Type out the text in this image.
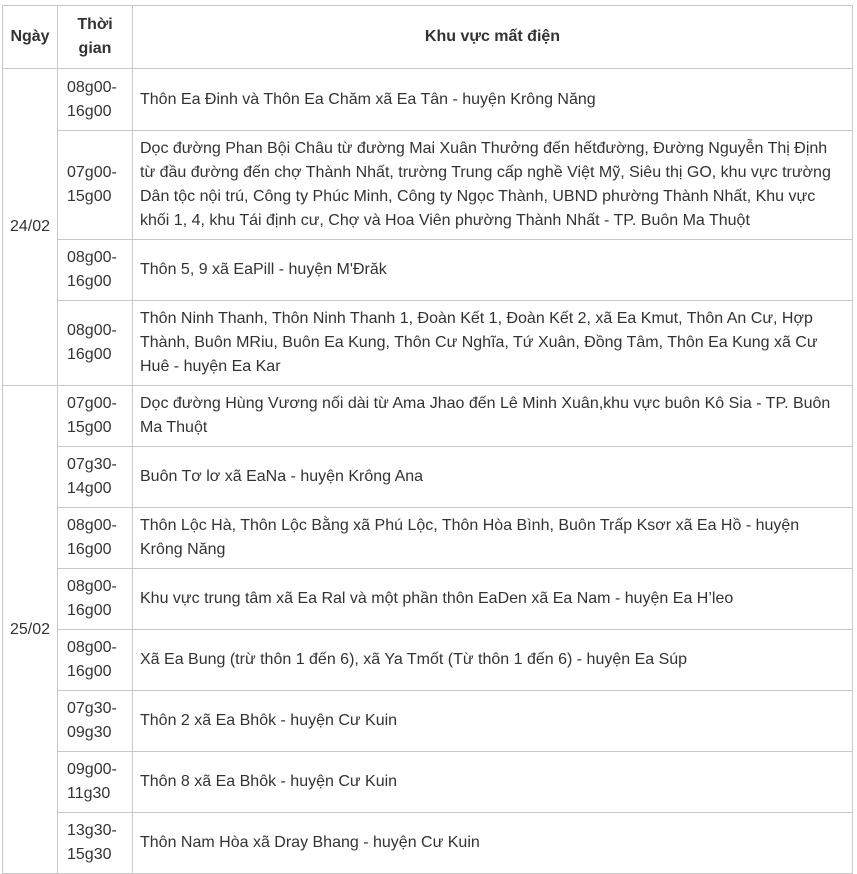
Ngày	Thời gian	Khu vực mất điện
24/02	08g00-16g00	Thôn Ea Đinh và Thôn Ea Chăm xã Ea Tân - huyện Krông Năng

	07g00-15g00	Dọc đường Phan Bội Châu từ đường Mai Xuân Thưởng đến hếtđường, Đường Nguyễn Thị Định từ đầu đường đến chợ Thành Nhất, trường Trung cấp nghề Việt Mỹ, Siêu thị GO, khu vực trường Dân tộc nội trú, Công ty Phúc Minh, Công ty Ngọc Thành, UBND phường Thành Nhất, Khu vực khối 1, 4, khu Tái định cư, Chợ và Hoa Viên phường Thành Nhất - TP. Buôn Ma Thuột

	08g00-16g00	Thôn 5, 9 xã EaPill - huyện M'Đrăk

	08g00-16g00	Thôn Ninh Thanh, Thôn Ninh Thanh 1, Đoàn Kết 1, Đoàn Kết 2, xã Ea Kmut, Thôn An Cư, Hợp Thành, Buôn MRiu, Buôn Ea Kung, Thôn Cư Nghĩa, Tứ Xuân, Đồng Tâm, Thôn Ea Kung xã Cư Huê - huyện Ea Kar
25/02	07g00-15g00	Dọc đường Hùng Vương nối dài từ Ama Jhao đến Lê Minh Xuân,khu vực buôn Kô Sia - TP. Buôn Ma Thuột

	07g30-14g00	Buôn Tơ lơ xã EaNa - huyện Krông Ana

	08g00-16g00	Thôn Lộc Hà, Thôn Lộc Bằng xã Phú Lộc, Thôn Hòa Bình, Buôn Trấp Ksơr xã Ea Hồ - huyện Krông Năng

	08g00-16g00	Khu vực trung tâm xã Ea Ral và một phần thôn EaDen xã Ea Nam - huyện Ea H’leo

	08g00-16g00	Xã Ea Bung (trừ thôn 1 đến 6), xã Ya Tmốt (Từ thôn 1 đến 6) - huyện Ea Súp

	07g30-09g30	Thôn 2 xã Ea Bhôk - huyện Cư Kuin

	09g00-11g30	Thôn 8 xã Ea Bhôk - huyện Cư Kuin

	13g30-15g30	Thôn Nam Hòa xã Dray Bhang - huyện Cư Kuin
